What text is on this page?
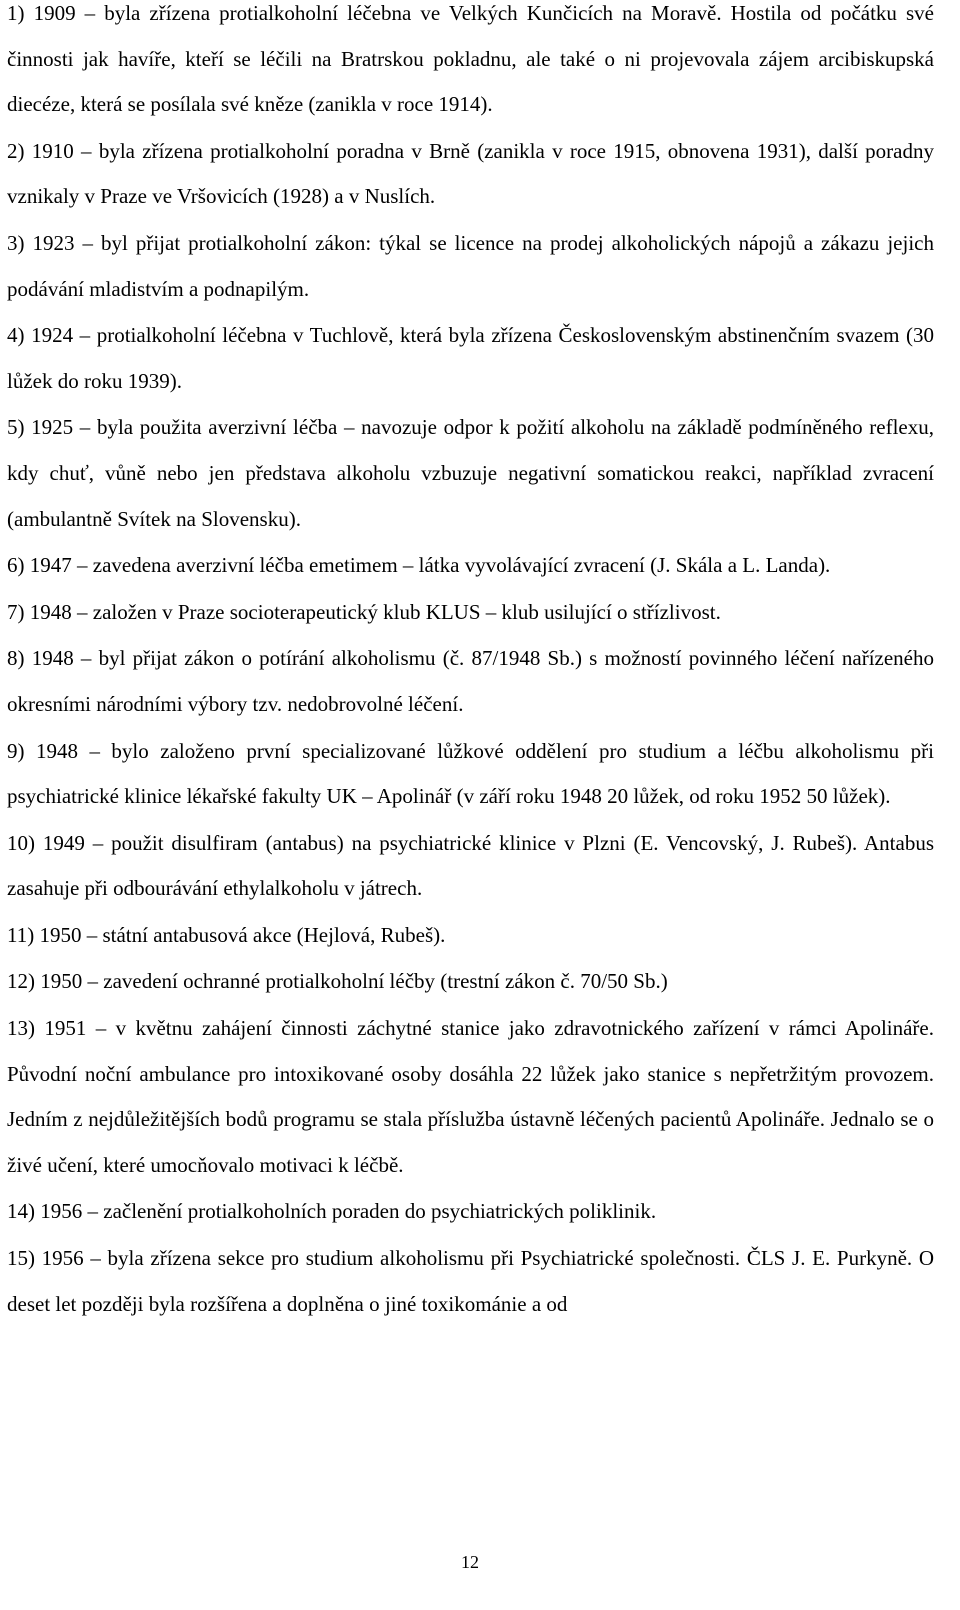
1) 1909 – byla zřízena protialkoholní léčebna ve Velkých Kunčicích na Moravě. Hostila od počátku své činnosti jak havíře, kteří se léčili na Bratrskou pokladnu, ale také o ni projevovala zájem arcibiskupská diecéze, která se posílala své kněze (zanikla v roce 1914).

2) 1910 – byla zřízena protialkoholní poradna v Brně (zanikla v roce 1915, obnovena 1931), další poradny vznikaly v Praze ve Vršovicích (1928) a v Nuslích.

3) 1923 – byl přijat protialkoholní zákon: týkal se licence na prodej alkoholických nápojů a zákazu jejich podávání mladistvím a podnapilým.

4) 1924 – protialkoholní léčebna v Tuchlově, která byla zřízena Československým abstinenčním svazem (30 lůžek do roku 1939).

5) 1925 – byla použita averzivní léčba – navozuje odpor k požití alkoholu na základě podmíněného reflexu, kdy chuť, vůně nebo jen představa alkoholu vzbuzuje negativní somatickou reakci, například zvracení (ambulantně Svítek na Slovensku).

6) 1947 – zavedena averzivní léčba emetimem – látka vyvolávající zvracení (J. Skála a L. Landa).

7) 1948 – založen v Praze socioterapeutický klub KLUS – klub usilující o střízlivost.

8) 1948 – byl přijat zákon o potírání alkoholismu (č. 87/1948 Sb.) s možností povinného léčení nařízeného okresními národními výbory tzv. nedobrovolné léčení.

9) 1948 – bylo založeno první specializované lůžkové oddělení pro studium a léčbu alkoholismu při psychiatrické klinice lékařské fakulty UK – Apolinář (v září roku 1948 20 lůžek, od roku 1952 50 lůžek).

10) 1949 – použit disulfiram (antabus) na psychiatrické klinice v Plzni (E. Vencovský, J. Rubeš). Antabus zasahuje při odbourávání ethylalkoholu v játrech.

11) 1950 – státní antabusová akce (Hejlová, Rubeš).

12) 1950 – zavedení ochranné protialkoholní léčby (trestní zákon č. 70/50 Sb.)

13) 1951 – v květnu zahájení činnosti záchytné stanice jako zdravotnického zařízení v rámci Apolináře. Původní noční ambulance pro intoxikované osoby dosáhla 22 lůžek jako stanice s nepřetržitým provozem. Jedním z nejdůležitějších bodů programu se stala příslužba ústavně léčených pacientů Apolináře. Jednalo se o živé učení, které umocňovalo motivaci k léčbě.

14) 1956 – začlenění protialkoholních poraden do psychiatrických poliklinik.

15) 1956 – byla zřízena sekce pro studium alkoholismu při Psychiatrické společnosti. ČLS J. E. Purkyně. O deset let později byla rozšířena a doplněna o jiné toxikománie a od

12
